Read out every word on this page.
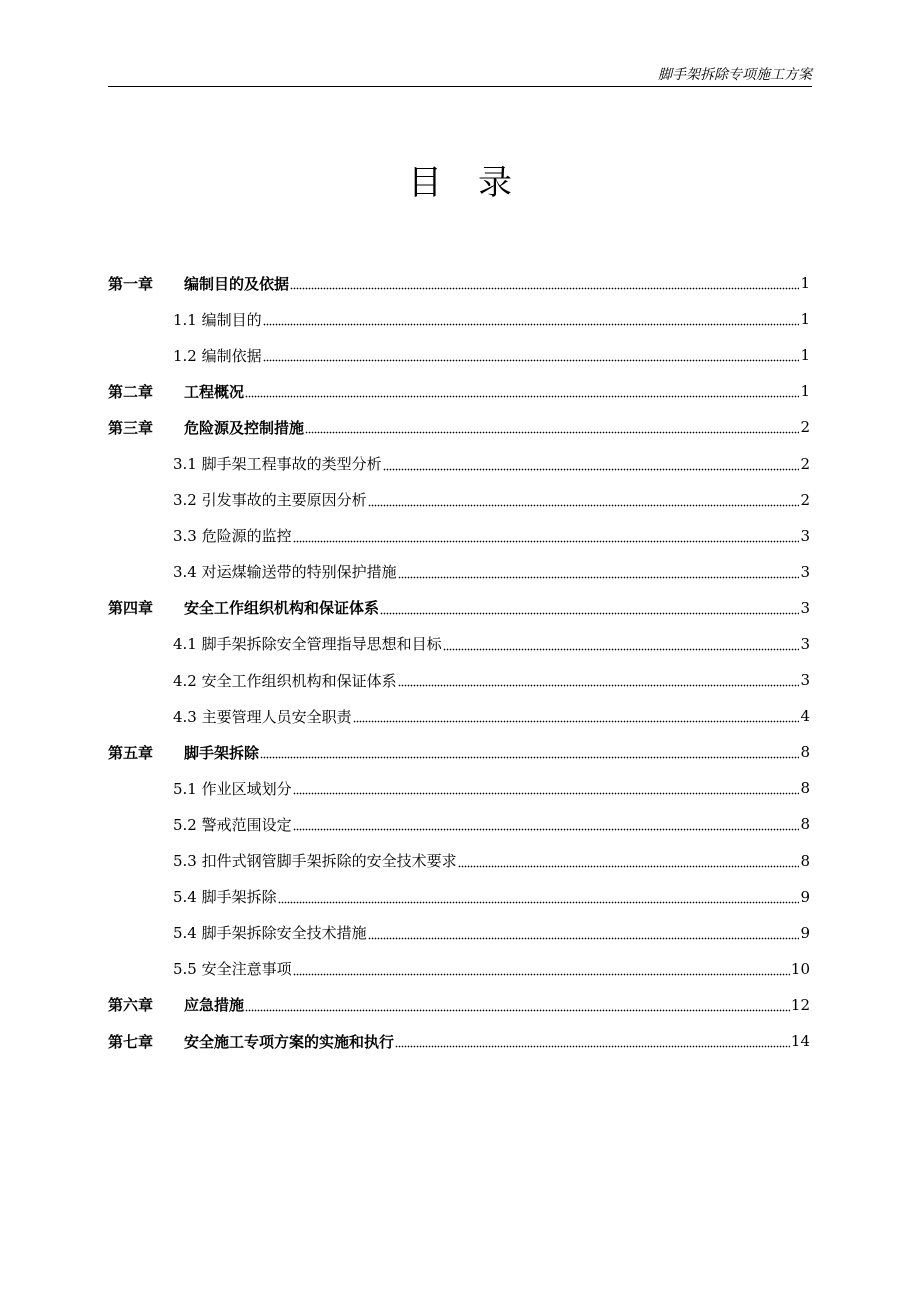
脚手架拆除专项施工方案
目录
第一章	编制目的及依据	1
1.1 编制目的	1
1.2 编制依据	1
第二章	工程概况	1
第三章	危险源及控制措施	2
3.1 脚手架工程事故的类型分析	2
3.2 引发事故的主要原因分析	2
3.3 危险源的监控	3
3.4 对运煤输送带的特别保护措施	3
第四章	安全工作组织机构和保证体系	3
4.1 脚手架拆除安全管理指导思想和目标	3
4.2 安全工作组织机构和保证体系	3
4.3 主要管理人员安全职责	4
第五章	脚手架拆除	8
5.1 作业区域划分	8
5.2 警戒范围设定	8
5.3 扣件式钢管脚手架拆除的安全技术要求	8
5.4 脚手架拆除	9
5.4 脚手架拆除安全技术措施	9
5.5 安全注意事项	10
第六章	应急措施	12
第七章	安全施工专项方案的实施和执行	14
